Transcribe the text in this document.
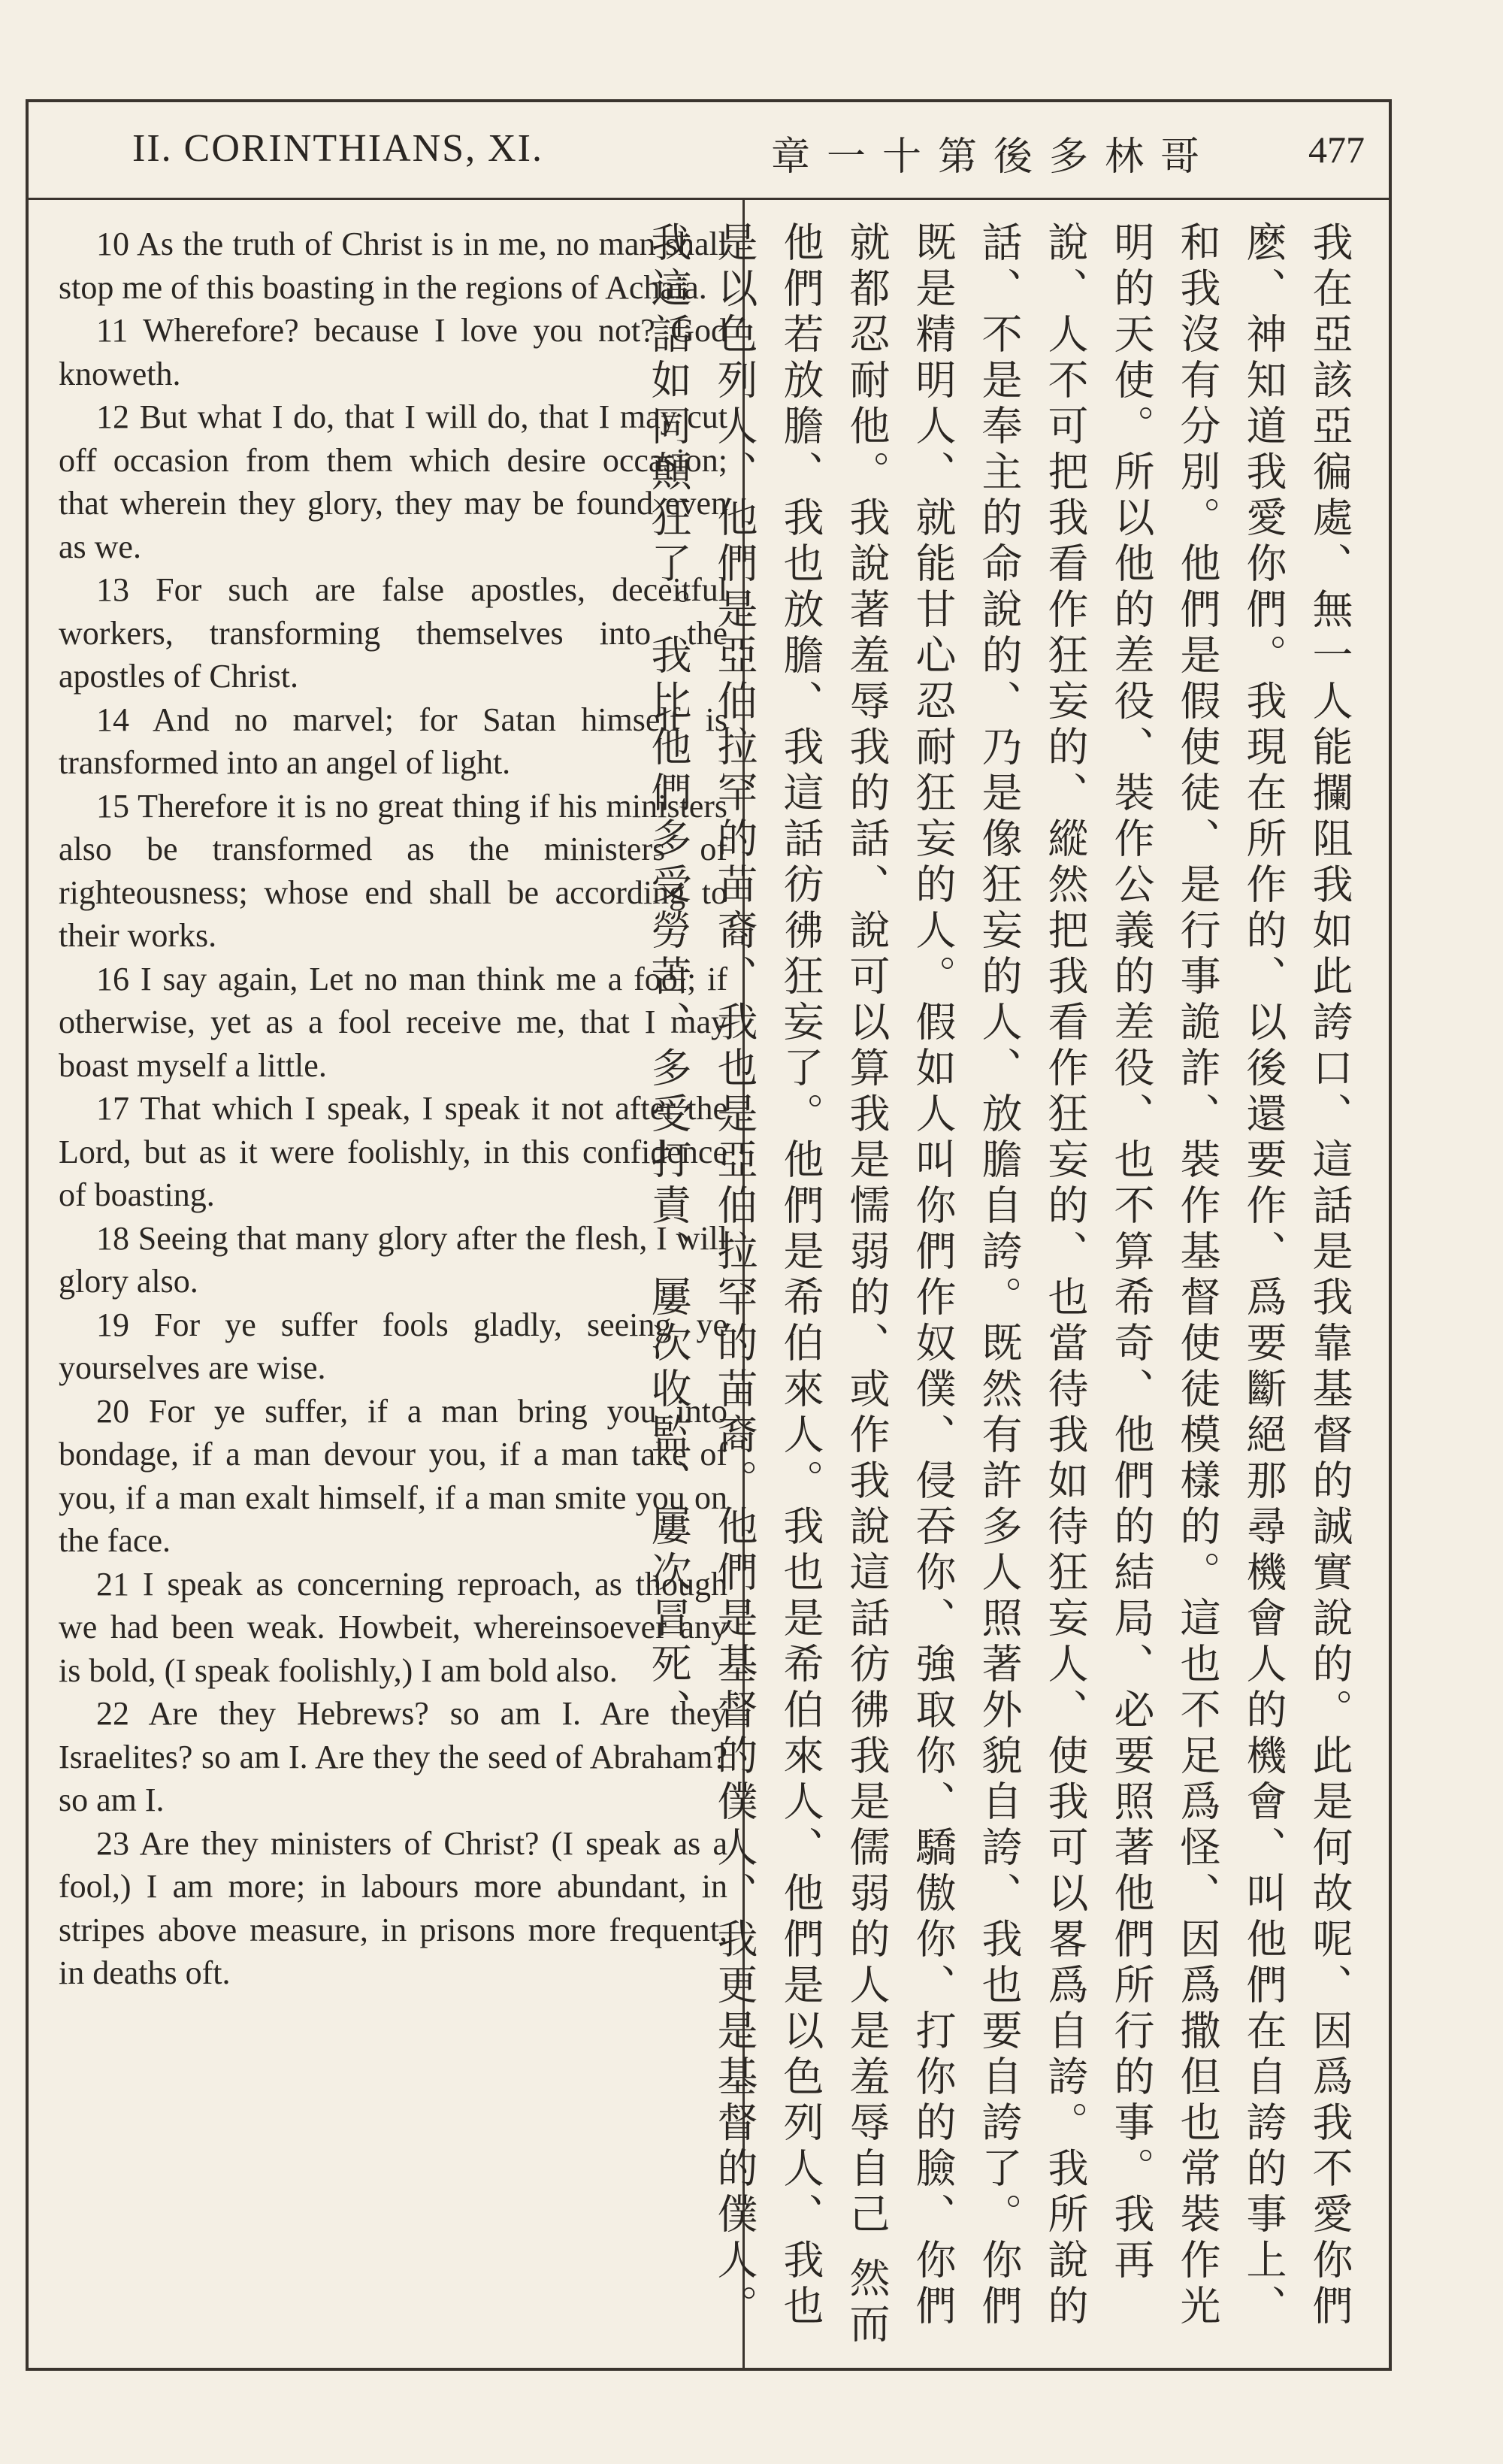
II. CORINTHIANS, XI.	章一十第後多林哥 477

10 As the truth of Christ is in me, no man shall stop me of this boasting in the regions of Achaia.

11 Wherefore? because I love you not? God knoweth.

12 But what I do, that I will do, that I may cut off occasion from them which desire occasion; that wherein they glory, they may be found even as we.

13 For such are false apostles, deceitful workers, transforming themselves into the apostles of Christ.

14 And no marvel; for Satan himself is transformed into an angel of light.

15 Therefore it is no great thing if his ministers also be transformed as the ministers of righteousness; whose end shall be according to their works.

16 I say again, Let no man think me a fool; if otherwise, yet as a fool receive me, that I may boast myself a little.

17 That which I speak, I speak it not after the Lord, but as it were foolishly, in this confidence of boasting.

18 Seeing that many glory after the flesh, I will glory also.

19 For ye suffer fools gladly, seeing ye yourselves are wise.

20 For ye suffer, if a man bring you into bondage, if a man devour you, if a man take of you, if a man exalt himself, if a man smite you on the face.

21 I speak as concerning reproach, as though we had been weak. Howbeit, whereinsoever any is bold, (I speak foolishly,) I am bold also.

22 Are they Hebrews? so am I. Are they Israelites? so am I. Are they the seed of Abraham? so am I.

23 Are they ministers of Christ? (I speak as a fool,) I am more; in labours more abundant, in stripes above measure, in prisons more frequent, in deaths oft.	我在亞該亞徧處、無一人能攔阻我如此誇口、這話是我靠基督的誠實說的。此是何故呢、因爲我不愛你們麽、神知道我愛你們。我現在所作的、以後還要作、爲要斷絕那尋機會人的機會、叫他們在自誇的事上、和我沒有分別。他們是假使徒、是行事詭詐、裝作基督使徒模樣的。這也不足爲怪、因爲撒但也常裝作光明的天使。所以他的差役、裝作公義的差役、也不算希奇、他們的結局、必要照著他們所行的事。我再說、人不可把我看作狂妄的、縱然把我看作狂妄的、也當待我如待狂妄人、使我可以畧爲自誇。我所說的話、不是奉主的命說的、乃是像狂妄的人、放膽自誇。既然有許多人照著外貌自誇、我也要自誇了。你們既是精明人、就能甘心忍耐狂妄的人。假如人叫你們作奴僕、侵吞你、強取你、驕傲你、打你的臉、你們就都忍耐他。我說著羞辱我的話、說可以算我是懦弱的、或作我說這話彷彿我是儒弱的人是羞辱自己 然而他們若放膽、我也放膽、我這話彷彿狂妄了。他們是希伯來人。我也是希伯來人、他們是以色列人、我也是以色列人、他們是亞伯拉罕的苗裔、我也是亞伯拉罕的苗裔。他們是基督的僕人、我更是基督的僕人。我這話如同顛狂了。我比他們多受勞苦、多受打責、屢次收監、屢次冒死、
